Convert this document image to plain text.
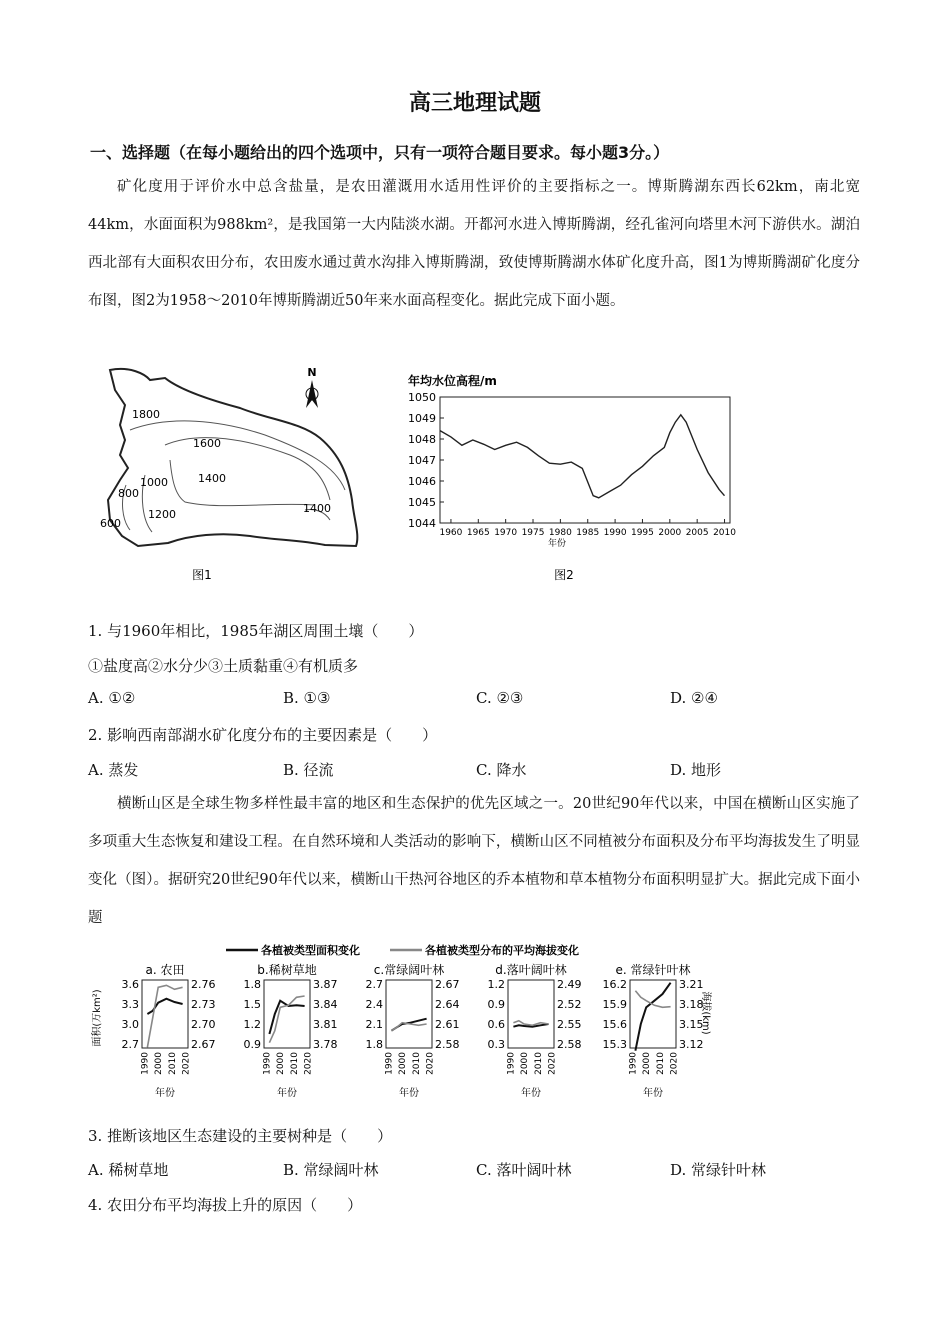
高三地理试题
一、选择题（在每小题给出的四个选项中，只有一项符合题目要求。每小题3分。）
矿化度用于评价水中总含盐量，是农田灌溉用水适用性评价的主要指标之一。博斯腾湖东西长62km，南北宽44km，水面面积为988km²，是我国第一大内陆淡水湖。开都河水进入博斯腾湖，经孔雀河向塔里木河下游供水。湖泊西北部有大面积农田分布，农田废水通过黄水沟排入博斯腾湖，致使博斯腾湖水体矿化度升高，图1为博斯腾湖矿化度分布图，图2为1958～2010年博斯腾湖近50年来水面高程变化。据此完成下面小题。
1800
1600
1400
1000
800
1200
600
1400
N
图1
年均水位高程/m
年份
图2
1050
1049
1048
1047
1046
1045
1044
1960 1965 1970 1975 1980 1985 1990 1995 2000 2005 2010
1. 与1960年相比，1985年湖区周围土壤（　　）
①盐度高②水分少③土质黏重④有机质多
A. ①②	B. ①③	C. ②③	D. ②④
2. 影响西南部湖水矿化度分布的主要因素是（　　）
A. 蒸发	B. 径流	C. 降水	D. 地形
横断山区是全球生物多样性最丰富的地区和生态保护的优先区域之一。20世纪90年代以来，中国在横断山区实施了多项重大生态恢复和建设工程。在自然环境和人类活动的影响下，横断山区不同植被分布面积及分布平均海拔发生了明显变化（图）。据研究20世纪90年代以来，横断山干热河谷地区的乔本植物和草本植物分布面积明显扩大。据此完成下面小题
各植被类型面积变化	各植被类型分布的平均海拔变化
面积(万km²)	海拔(km)
a. 农田
3.6
3.3
3.0
2.7
2.76
2.73
2.70
2.67
1990 2000 2010 2020
年份
b.稀树草地
1.8
1.5
1.2
0.9
3.87
3.84
3.81
3.78
1990 2000 2010 2020
年份
c.常绿阔叶林
2.7
2.4
2.1
1.8
2.67
2.64
2.61
2.58
1990 2000 2010 2020
年份
d.落叶阔叶林
1.2
0.9
0.6
0.3
2.49
2.52
2.55
2.58
1990 2000 2010 2020
年份
e. 常绿针叶林
16.2
15.9
15.6
15.3
3.21
3.18
3.15
3.12
1990 2000 2010 2020
年份
3. 推断该地区生态建设的主要树种是（　　）
A. 稀树草地	B. 常绿阔叶林	C. 落叶阔叶林	D. 常绿针叶林
4. 农田分布平均海拔上升的原因（　　）
